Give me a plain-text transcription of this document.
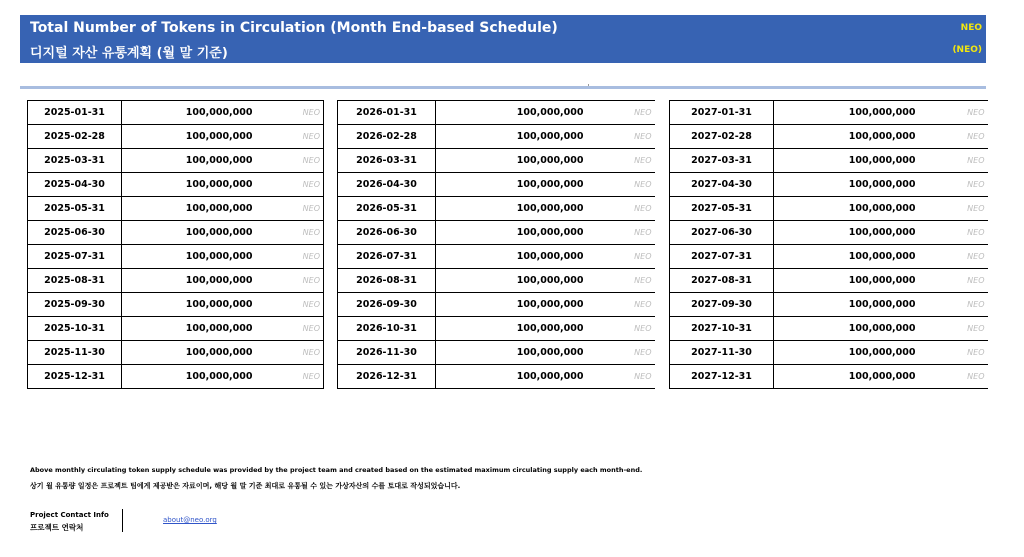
Total Number of Tokens in Circulation (Month End-based Schedule)
디지털 자산 유통계획 (월 말 기준)
NEO
(NEO)
2025-01-31	100,000,000	NEO
2025-02-28	100,000,000	NEO
2025-03-31	100,000,000	NEO
2025-04-30	100,000,000	NEO
2025-05-31	100,000,000	NEO
2025-06-30	100,000,000	NEO
2025-07-31	100,000,000	NEO
2025-08-31	100,000,000	NEO
2025-09-30	100,000,000	NEO
2025-10-31	100,000,000	NEO
2025-11-30	100,000,000	NEO
2025-12-31	100,000,000	NEO
2026-01-31	100,000,000	NEO
2026-02-28	100,000,000	NEO
2026-03-31	100,000,000	NEO
2026-04-30	100,000,000	NEO
2026-05-31	100,000,000	NEO
2026-06-30	100,000,000	NEO
2026-07-31	100,000,000	NEO
2026-08-31	100,000,000	NEO
2026-09-30	100,000,000	NEO
2026-10-31	100,000,000	NEO
2026-11-30	100,000,000	NEO
2026-12-31	100,000,000	NEO
2027-01-31	100,000,000	NEO
2027-02-28	100,000,000	NEO
2027-03-31	100,000,000	NEO
2027-04-30	100,000,000	NEO
2027-05-31	100,000,000	NEO
2027-06-30	100,000,000	NEO
2027-07-31	100,000,000	NEO
2027-08-31	100,000,000	NEO
2027-09-30	100,000,000	NEO
2027-10-31	100,000,000	NEO
2027-11-30	100,000,000	NEO
2027-12-31	100,000,000	NEO
Above monthly circulating token supply schedule was provided by the project team and created based on the estimated maximum circulating supply each month-end.
상기 월 유통량 일정은 프로젝트 팀에게 제공받은 자료이며, 해당 월 말 기준 최대로 유통될 수 있는 가상자산의 수를 토대로 작성되었습니다.
Project Contact Info
프로젝트 연락처
about@neo.org
